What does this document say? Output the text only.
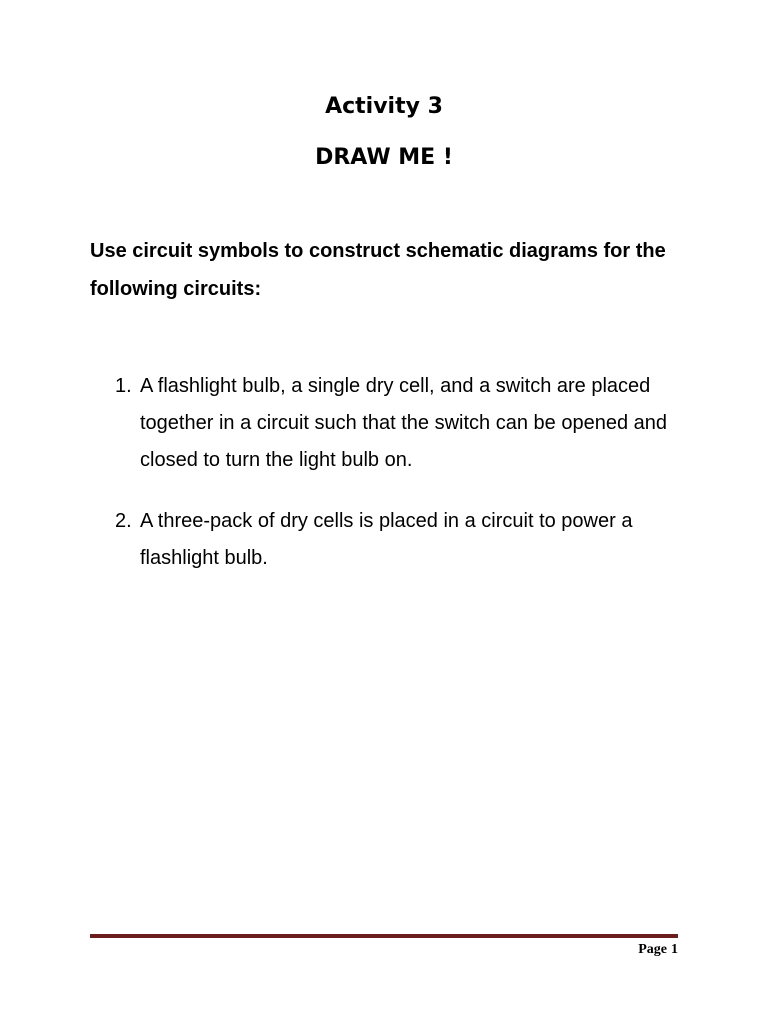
Activity 3
DRAW ME !

Use circuit symbols to construct schematic diagrams for the following circuits:

1. A flashlight bulb, a single dry cell, and a switch are placed together in a circuit such that the switch can be opened and closed to turn the light bulb on.
2. A three-pack of dry cells is placed in a circuit to power a flashlight bulb.
Page 1
